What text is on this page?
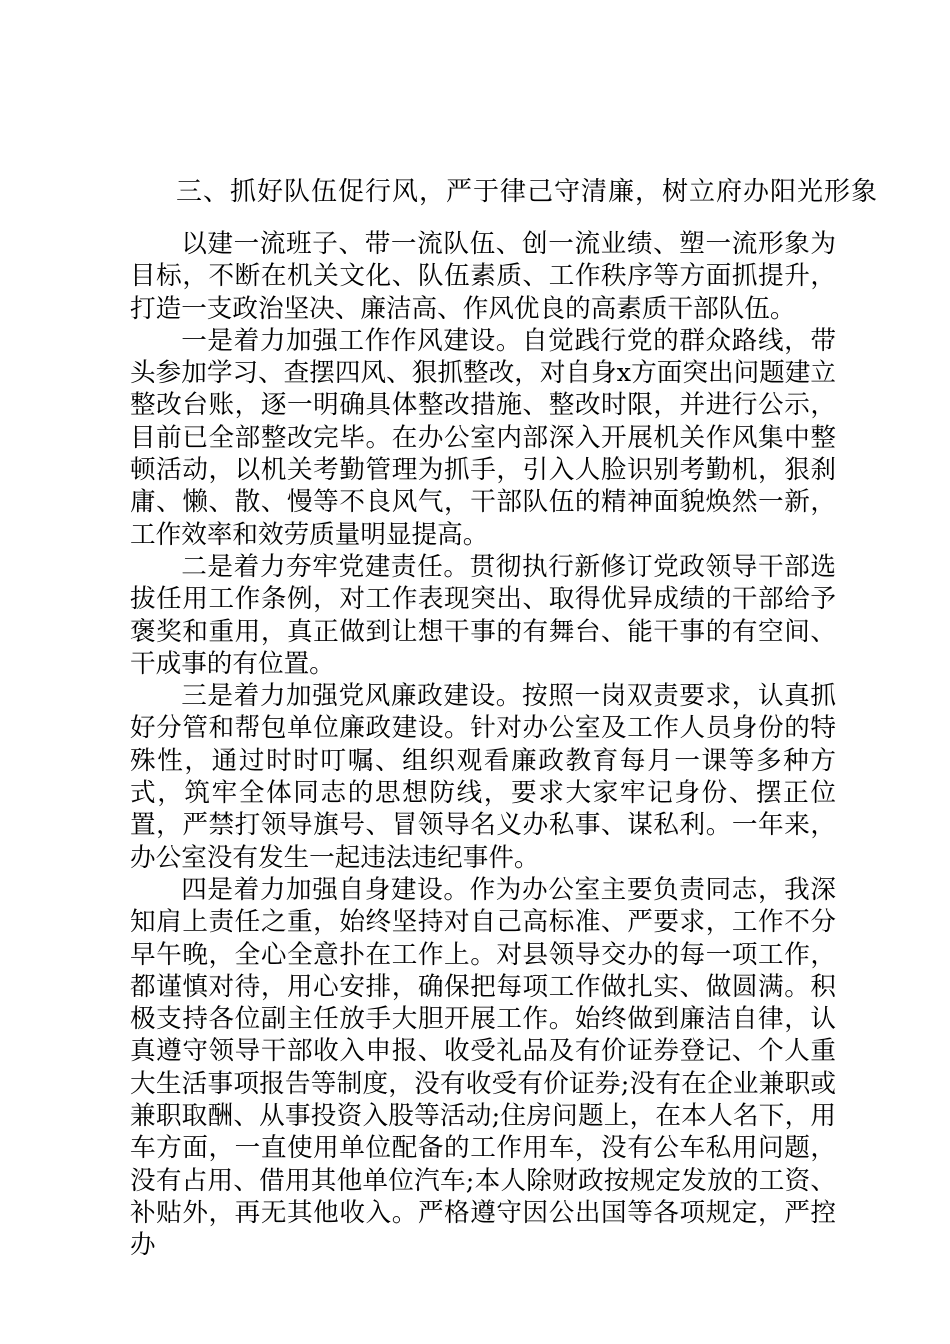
三、抓好队伍促行风，严于律己守清廉，树立府办阳光形象

以建一流班子、带一流队伍、创一流业绩、塑一流形象为目标，不断在机关文化、队伍素质、工作秩序等方面抓提升，打造一支政治坚决、廉洁高、作风优良的高素质干部队伍。

一是着力加强工作作风建设。自觉践行党的群众路线，带头参加学习、查摆四风、狠抓整改，对自身x方面突出问题建立整改台账，逐一明确具体整改措施、整改时限，并进行公示，目前已全部整改完毕。在办公室内部深入开展机关作风集中整顿活动，以机关考勤管理为抓手，引入人脸识别考勤机，狠刹庸、懒、散、慢等不良风气，干部队伍的精神面貌焕然一新，工作效率和效劳质量明显提高。

二是着力夯牢党建责任。贯彻执行新修订党政领导干部选拔任用工作条例，对工作表现突出、取得优异成绩的干部给予褒奖和重用，真正做到让想干事的有舞台、能干事的有空间、干成事的有位置。

三是着力加强党风廉政建设。按照一岗双责要求，认真抓好分管和帮包单位廉政建设。针对办公室及工作人员身份的特殊性，通过时时叮嘱、组织观看廉政教育每月一课等多种方式，筑牢全体同志的思想防线，要求大家牢记身份、摆正位置，严禁打领导旗号、冒领导名义办私事、谋私利。一年来，办公室没有发生一起违法违纪事件。

四是着力加强自身建设。作为办公室主要负责同志，我深知肩上责任之重，始终坚持对自己高标准、严要求，工作不分早午晚，全心全意扑在工作上。对县领导交办的每一项工作，都谨慎对待，用心安排，确保把每项工作做扎实、做圆满。积极支持各位副主任放手大胆开展工作。始终做到廉洁自律，认真遵守领导干部收入申报、收受礼品及有价证券登记、个人重大生活事项报告等制度，没有收受有价证券;没有在企业兼职或兼职取酬、从事投资入股等活动;住房问题上，在本人名下，用车方面，一直使用单位配备的工作用车，没有公车私用问题，没有占用、借用其他单位汽车;本人除财政按规定发放的工资、补贴外，再无其他收入。严格遵守因公出国等各项规定，严控办
